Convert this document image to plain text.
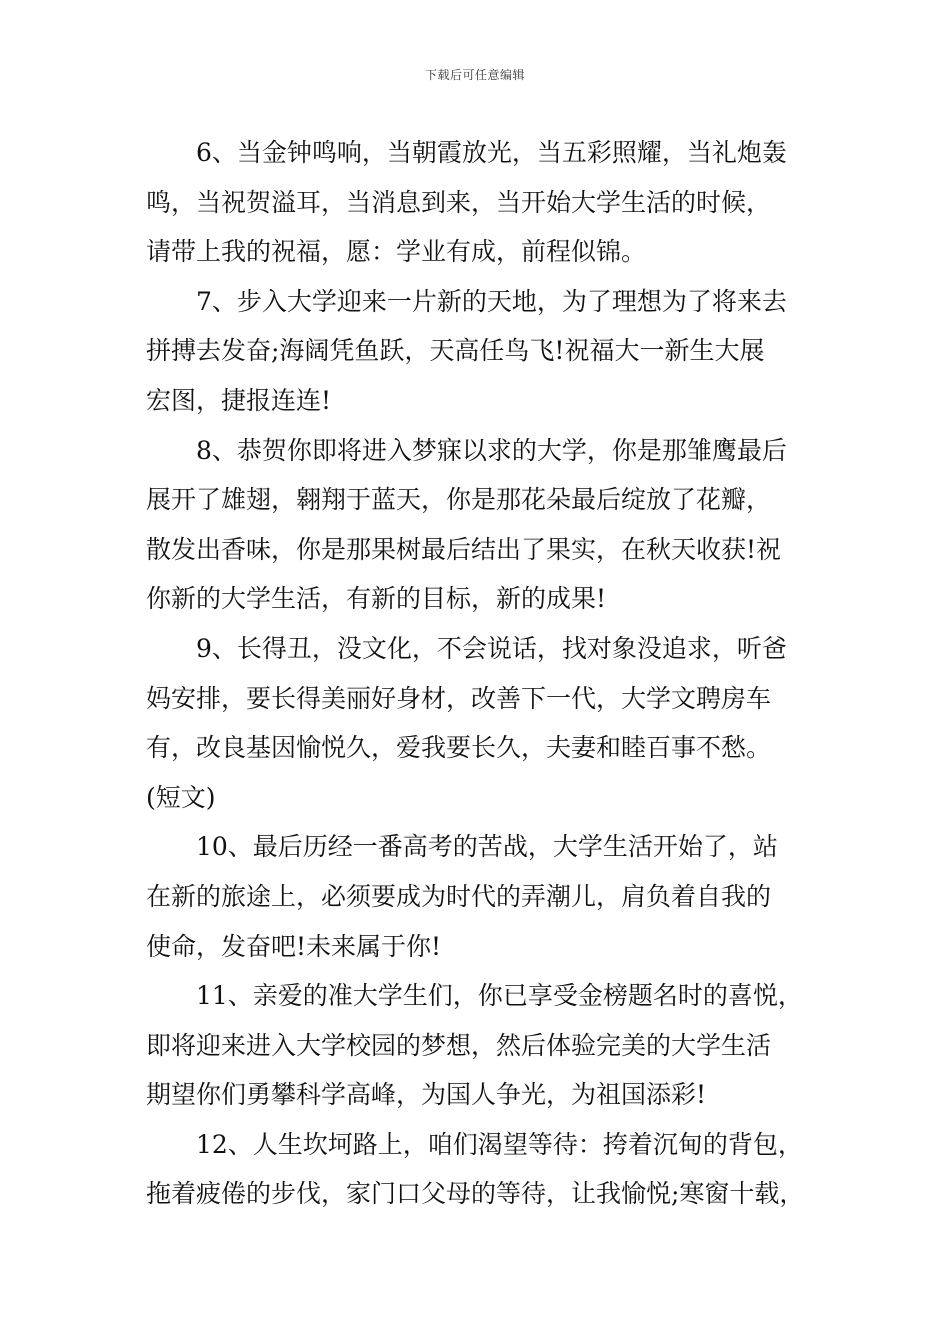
下载后可任意编辑
6、当金钟鸣响，当朝霞放光，当五彩照耀，当礼炮轰
鸣，当祝贺溢耳，当消息到来，当开始大学生活的时候，
请带上我的祝福，愿：学业有成，前程似锦。
7、步入大学迎来一片新的天地，为了理想为了将来去
拼搏去发奋;海阔凭鱼跃，天高任鸟飞!祝福大一新生大展
宏图，捷报连连!
8、恭贺你即将进入梦寐以求的大学，你是那雏鹰最后
展开了雄翅，翱翔于蓝天，你是那花朵最后绽放了花瓣，
散发出香味，你是那果树最后结出了果实，在秋天收获!祝
你新的大学生活，有新的目标，新的成果!
9、长得丑，没文化，不会说话，找对象没追求，听爸
妈安排，要长得美丽好身材，改善下一代，大学文聘房车
有，改良基因愉悦久，爱我要长久，夫妻和睦百事不愁。
(短文)
10、最后历经一番高考的苦战，大学生活开始了，站
在新的旅途上，必须要成为时代的弄潮儿，肩负着自我的
使命，发奋吧!未来属于你!
11、亲爱的准大学生们，你已享受金榜题名时的喜悦，
即将迎来进入大学校园的梦想，然后体验完美的大学生活
期望你们勇攀科学高峰，为国人争光，为祖国添彩!
12、人生坎坷路上，咱们渴望等待：挎着沉甸的背包，
拖着疲倦的步伐，家门口父母的等待，让我愉悦;寒窗十载，
